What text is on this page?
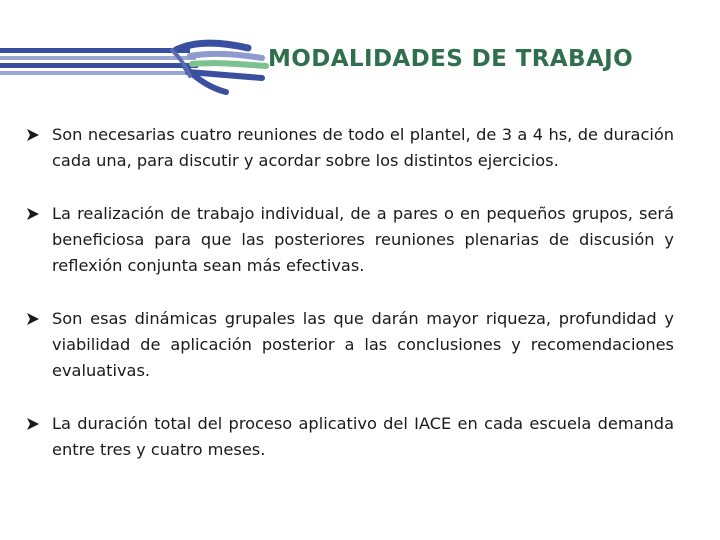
MODALIDADES DE TRABAJO
Son necesarias cuatro reuniones de todo el plantel, de 3 a 4 hs, de duración cada una, para discutir y acordar sobre los distintos ejercicios.
La realización de trabajo individual, de a pares o en pequeños grupos, será beneficiosa para que las posteriores reuniones plenarias de discusión y reflexión conjunta sean más efectivas.
Son esas dinámicas grupales las que darán mayor riqueza, profundidad y viabilidad de aplicación posterior a las conclusiones y recomendaciones evaluativas.
La duración total del proceso aplicativo del IACE en cada escuela demanda entre tres y cuatro meses.
